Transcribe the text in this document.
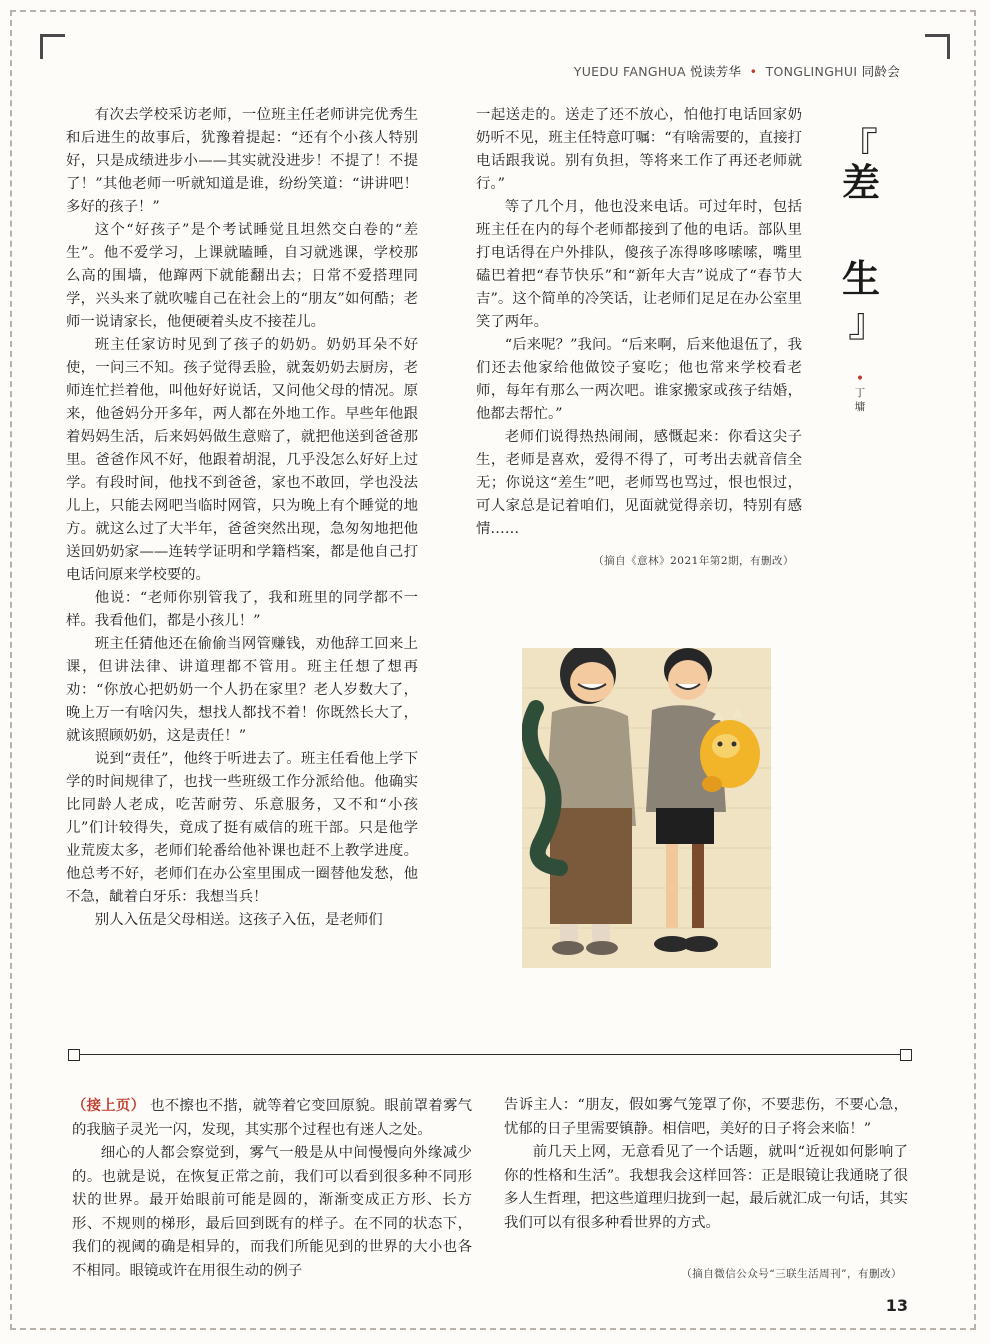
YUEDU FANGHUA 悦读芳华 • TONGLINGHUI 同龄会

有次去学校采访老师，一位班主任老师讲完优秀生和后进生的故事后，犹豫着提起：“还有个小孩人特别好，只是成绩进步小——其实就没进步！不提了！不提了！”其他老师一听就知道是谁，纷纷笑道：“讲讲吧！多好的孩子！”

这个“好孩子”是个考试睡觉且坦然交白卷的“差生”。他不爱学习，上课就瞌睡，自习就逃课，学校那么高的围墙，他蹿两下就能翻出去；日常不爱搭理同学，兴头来了就吹嘘自己在社会上的“朋友”如何酷；老师一说请家长，他便硬着头皮不接茬儿。

班主任家访时见到了孩子的奶奶。奶奶耳朵不好使，一问三不知。孩子觉得丢脸，就轰奶奶去厨房，老师连忙拦着他，叫他好好说话，又问他父母的情况。原来，他爸妈分开多年，两人都在外地工作。早些年他跟着妈妈生活，后来妈妈做生意赔了，就把他送到爸爸那里。爸爸作风不好，他跟着胡混，几乎没怎么好好上过学。有段时间，他找不到爸爸，家也不敢回，学也没法儿上，只能去网吧当临时网管，只为晚上有个睡觉的地方。就这么过了大半年，爸爸突然出现，急匆匆地把他送回奶奶家——连转学证明和学籍档案，都是他自己打电话问原来学校要的。

他说：“老师你别管我了，我和班里的同学都不一样。我看他们，都是小孩儿！”

班主任猜他还在偷偷当网管赚钱，劝他辞工回来上课，但讲法律、讲道理都不管用。班主任想了想再劝：“你放心把奶奶一个人扔在家里？老人岁数大了，晚上万一有啥闪失，想找人都找不着！你既然长大了，就该照顾奶奶，这是责任！”

说到“责任”，他终于听进去了。班主任看他上学下学的时间规律了，也找一些班级工作分派给他。他确实比同龄人老成，吃苦耐劳、乐意服务，又不和“小孩儿”们计较得失，竟成了挺有威信的班干部。只是他学业荒废太多，老师们轮番给他补课也赶不上教学进度。他总考不好，老师们在办公室里围成一圈替他发愁，他不急，龇着白牙乐：我想当兵！

别人入伍是父母相送。这孩子入伍，是老师们

一起送走的。送走了还不放心，怕他打电话回家奶奶听不见，班主任特意叮嘱：“有啥需要的，直接打电话跟我说。别有负担，等将来工作了再还老师就行。”

等了几个月，他也没来电话。可过年时，包括班主任在内的每个老师都接到了他的电话。部队里打电话得在户外排队，傻孩子冻得哆哆嗦嗦，嘴里磕巴着把“春节快乐”和“新年大吉”说成了“春节大吉”。这个简单的冷笑话，让老师们足足在办公室里笑了两年。

“后来呢？”我问。“后来啊，后来他退伍了，我们还去他家给他做饺子宴吃；他也常来学校看老师，每年有那么一两次吧。谁家搬家或孩子结婚，他都去帮忙。”

老师们说得热热闹闹，感慨起来：你看这尖子生，老师是喜欢，爱得不得了，可考出去就音信全无；你说这“差生”吧，老师骂也骂过，恨也恨过，可人家总是记着咱们，见面就觉得亲切，特别有感情……

（摘自《意林》2021年第2期，有删改）
『
差
生
』
•
丁
墉

（接上页） 也不擦也不揩，就等着它变回原貌。眼前罩着雾气的我脑子灵光一闪，发现，其实那个过程也有迷人之处。

细心的人都会察觉到，雾气一般是从中间慢慢向外缘减少的。也就是说，在恢复正常之前，我们可以看到很多种不同形状的世界。最开始眼前可能是圆的，渐渐变成正方形、长方形、不规则的梯形，最后回到既有的样子。在不同的状态下，我们的视阈的确是相异的，而我们所能见到的世界的大小也各不相同。眼镜或许在用很生动的例子

告诉主人：“朋友，假如雾气笼罩了你，不要悲伤，不要心急，忧郁的日子里需要镇静。相信吧，美好的日子将会来临！”

前几天上网，无意看见了一个话题，就叫“近视如何影响了你的性格和生活”。我想我会这样回答：正是眼镜让我通晓了很多人生哲理，把这些道理归拢到一起，最后就汇成一句话，其实我们可以有很多种看世界的方式。

（摘自微信公众号“三联生活周刊”，有删改）
13
